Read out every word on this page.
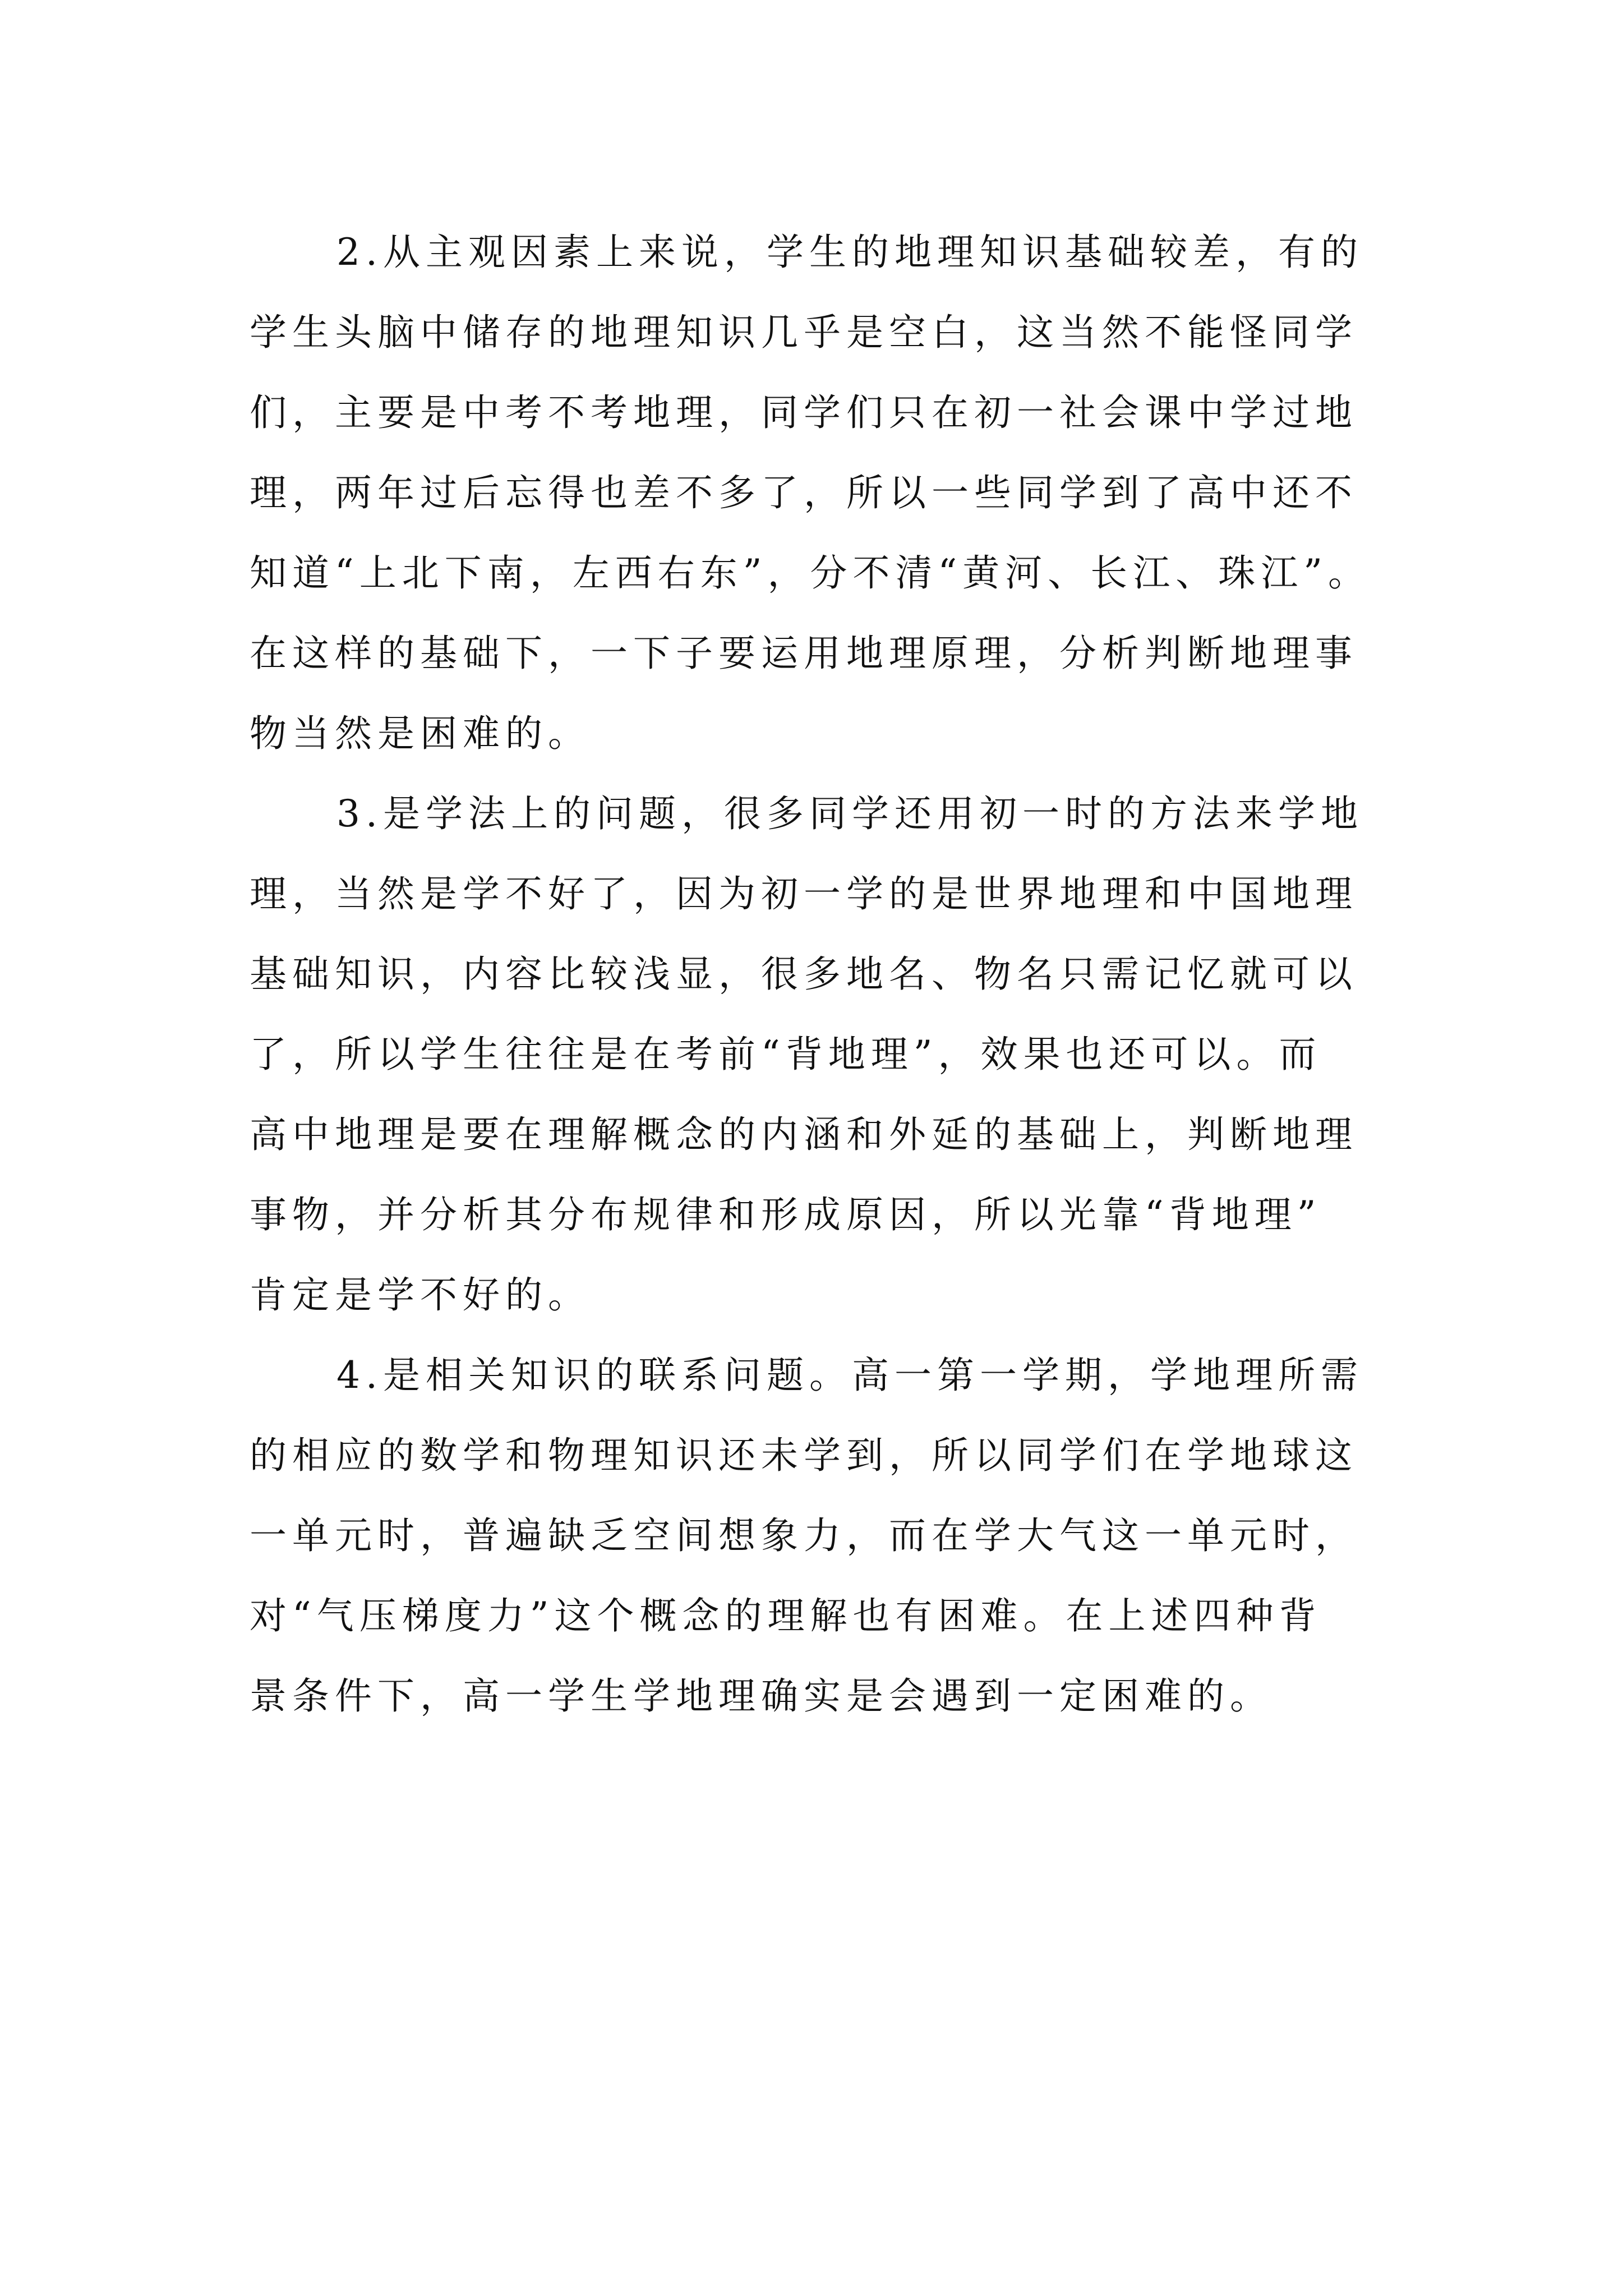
2.从主观因素上来说，学生的地理知识基础较差，有的
学生头脑中储存的地理知识几乎是空白，这当然不能怪同学
们，主要是中考不考地理，同学们只在初一社会课中学过地
理，两年过后忘得也差不多了，所以一些同学到了高中还不
知道“上北下南，左西右东”，分不清“黄河、长江、珠江”。
在这样的基础下，一下子要运用地理原理，分析判断地理事
物当然是困难的。
3.是学法上的问题，很多同学还用初一时的方法来学地
理，当然是学不好了，因为初一学的是世界地理和中国地理
基础知识，内容比较浅显，很多地名、物名只需记忆就可以
了，所以学生往往是在考前“背地理”，效果也还可以。而
高中地理是要在理解概念的内涵和外延的基础上，判断地理
事物，并分析其分布规律和形成原因，所以光靠“背地理”
肯定是学不好的。
4.是相关知识的联系问题。高一第一学期，学地理所需
的相应的数学和物理知识还未学到，所以同学们在学地球这
一单元时，普遍缺乏空间想象力，而在学大气这一单元时，
对“气压梯度力”这个概念的理解也有困难。在上述四种背
景条件下，高一学生学地理确实是会遇到一定困难的。
